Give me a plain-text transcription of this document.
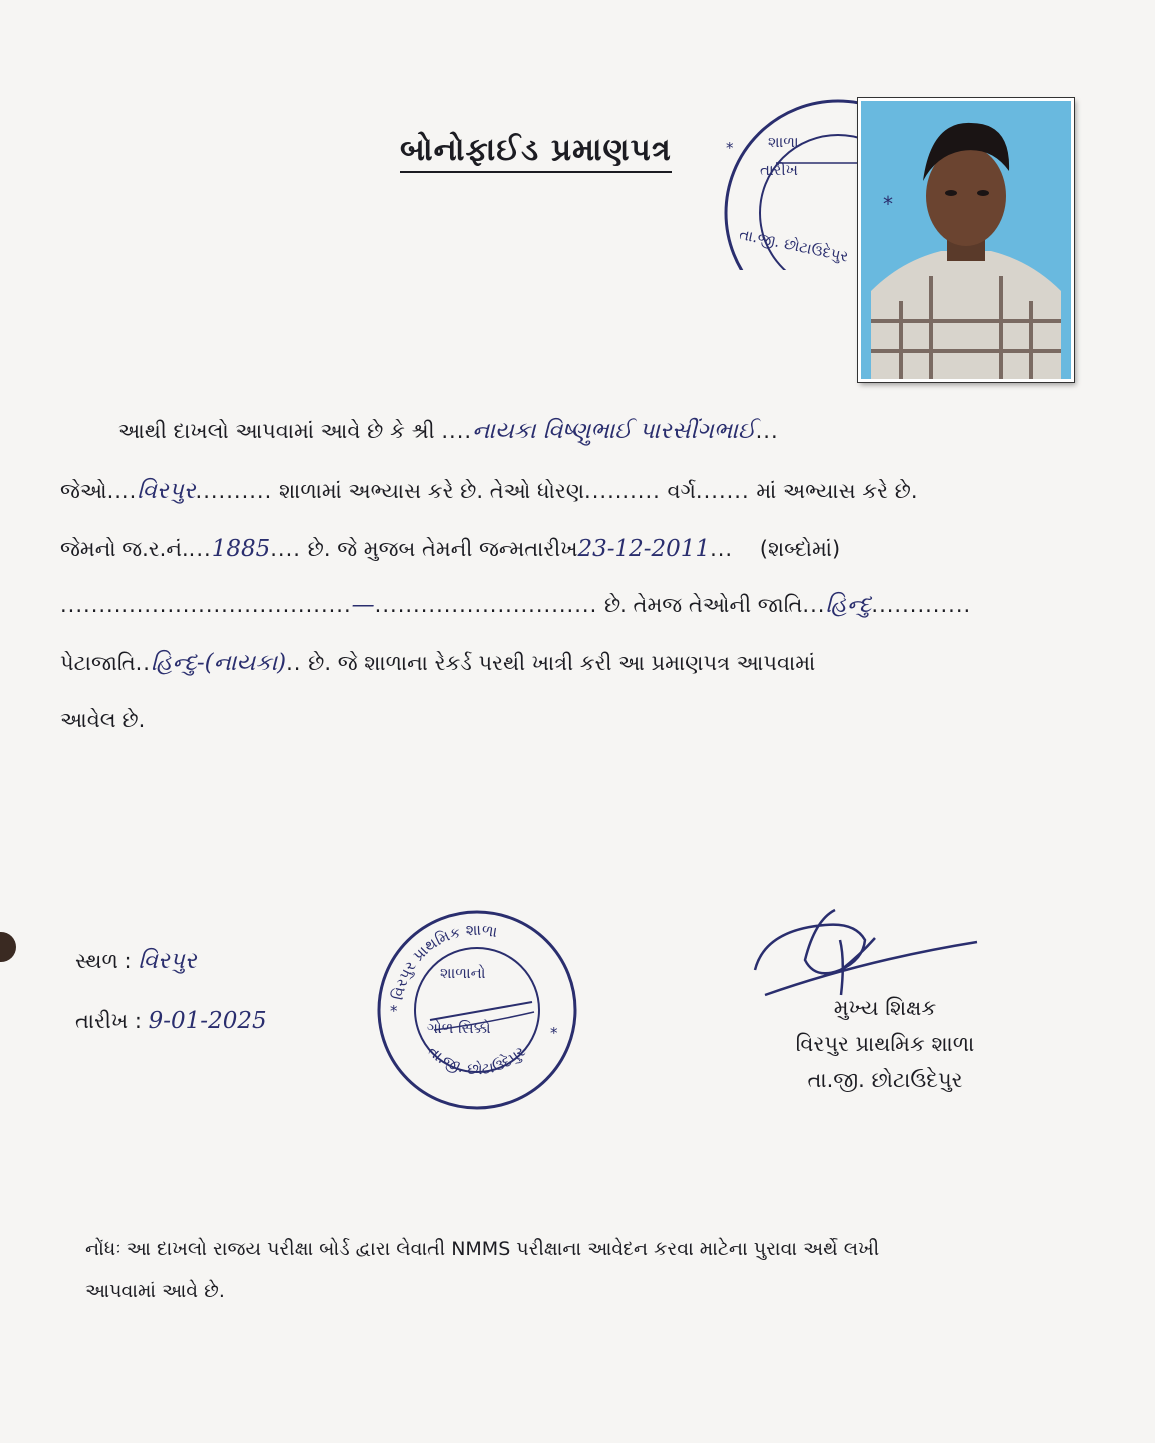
બોનોફાઈડ પ્રમાણપત્ર	* શાળા
તારીખ
તા.જી. છોટાઉદેપુર
*
આથી દાખલો આપવામાં આવે છે કે શ્રી ....નાયકા વિષ્ણુભાઈ પારસીંગભાઈ...
જેઓ....વિરપુર.......... શાળામાં અભ્યાસ કરે છે. તેઓ ધોરણ.......... વર્ગ....... માં અભ્યાસ કરે છે.
જેમનો જ.ર.નં....1885.... છે. જે મુજબ તેમની જન્મતારીખ23-12-2011... (શબ્દોમાં)
......................................—............................. છે. તેમજ તેઓની જાતિ...હિન્દુ.............
પેટાજાતિ..હિન્દુ-(નાયકા).. છે. જે શાળાના રેકર્ડ પરથી ખાત્રી કરી આ પ્રમાણપત્ર આપવામાં
આવેલ છે.
સ્થળ : વિરપુર
તારીખ : 9-01-2025
વિરપુર પ્રાથમિક શાળા
તા.જી. છોટાઉદેપુર
*
*
શાળાનો
ગોળ સિક્કો
મુખ્ય શિક્ષક
વિરપુર પ્રાથમિક શાળા
તા.જી. છોટાઉદેપુર
નોંધઃ આ દાખલો રાજય પરીક્ષા બોર્ડ દ્વારા લેવાતી NMMS પરીક્ષાના આવેદન કરવા માટેના પુરાવા અર્થે લખી
આપવામાં આવે છે.
